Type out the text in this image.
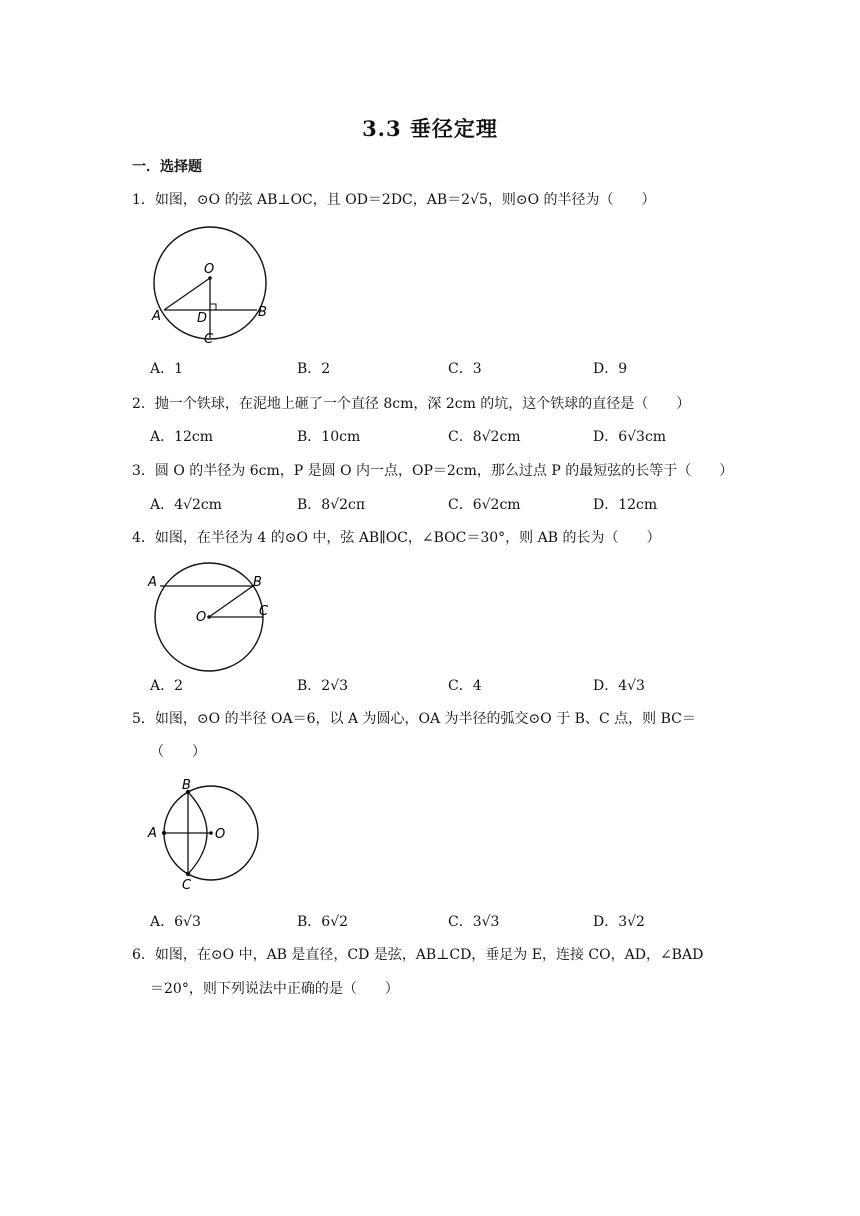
3.3 垂径定理
一．选择题
1．如图，⊙O 的弦 AB⊥OC，且 OD＝2DC，AB＝2√5，则⊙O 的半径为（　　）
O
A	D	B
C
A．1	B．2	C．3	D．9
2．抛一个铁球，在泥地上砸了一个直径 8cm，深 2cm 的坑，这个铁球的直径是（　　）
A．12cm	B．10cm	C．8√2cm	D．6√3cm
3．圆 O 的半径为 6cm，P 是圆 O 内一点，OP＝2cm，那么过点 P 的最短弦的长等于（　　）
A．4√2cm	B．8√2cπ	C．6√2cm	D．12cm
4．如图，在半径为 4 的⊙O 中，弦 AB∥OC，∠BOC＝30°，则 AB 的长为（　　）
A	B
O	C
A．2	B．2√3	C．4	D．4√3
5．如图，⊙O 的半径 OA＝6，以 A 为圆心，OA 为半径的弧交⊙O 于 B、C 点，则 BC＝
（　　）
B
A	O
C
A．6√3	B．6√2	C．3√3	D．3√2
6．如图，在⊙O 中，AB 是直径，CD 是弦，AB⊥CD，垂足为 E，连接 CO，AD，∠BAD
＝20°，则下列说法中正确的是（　　）
